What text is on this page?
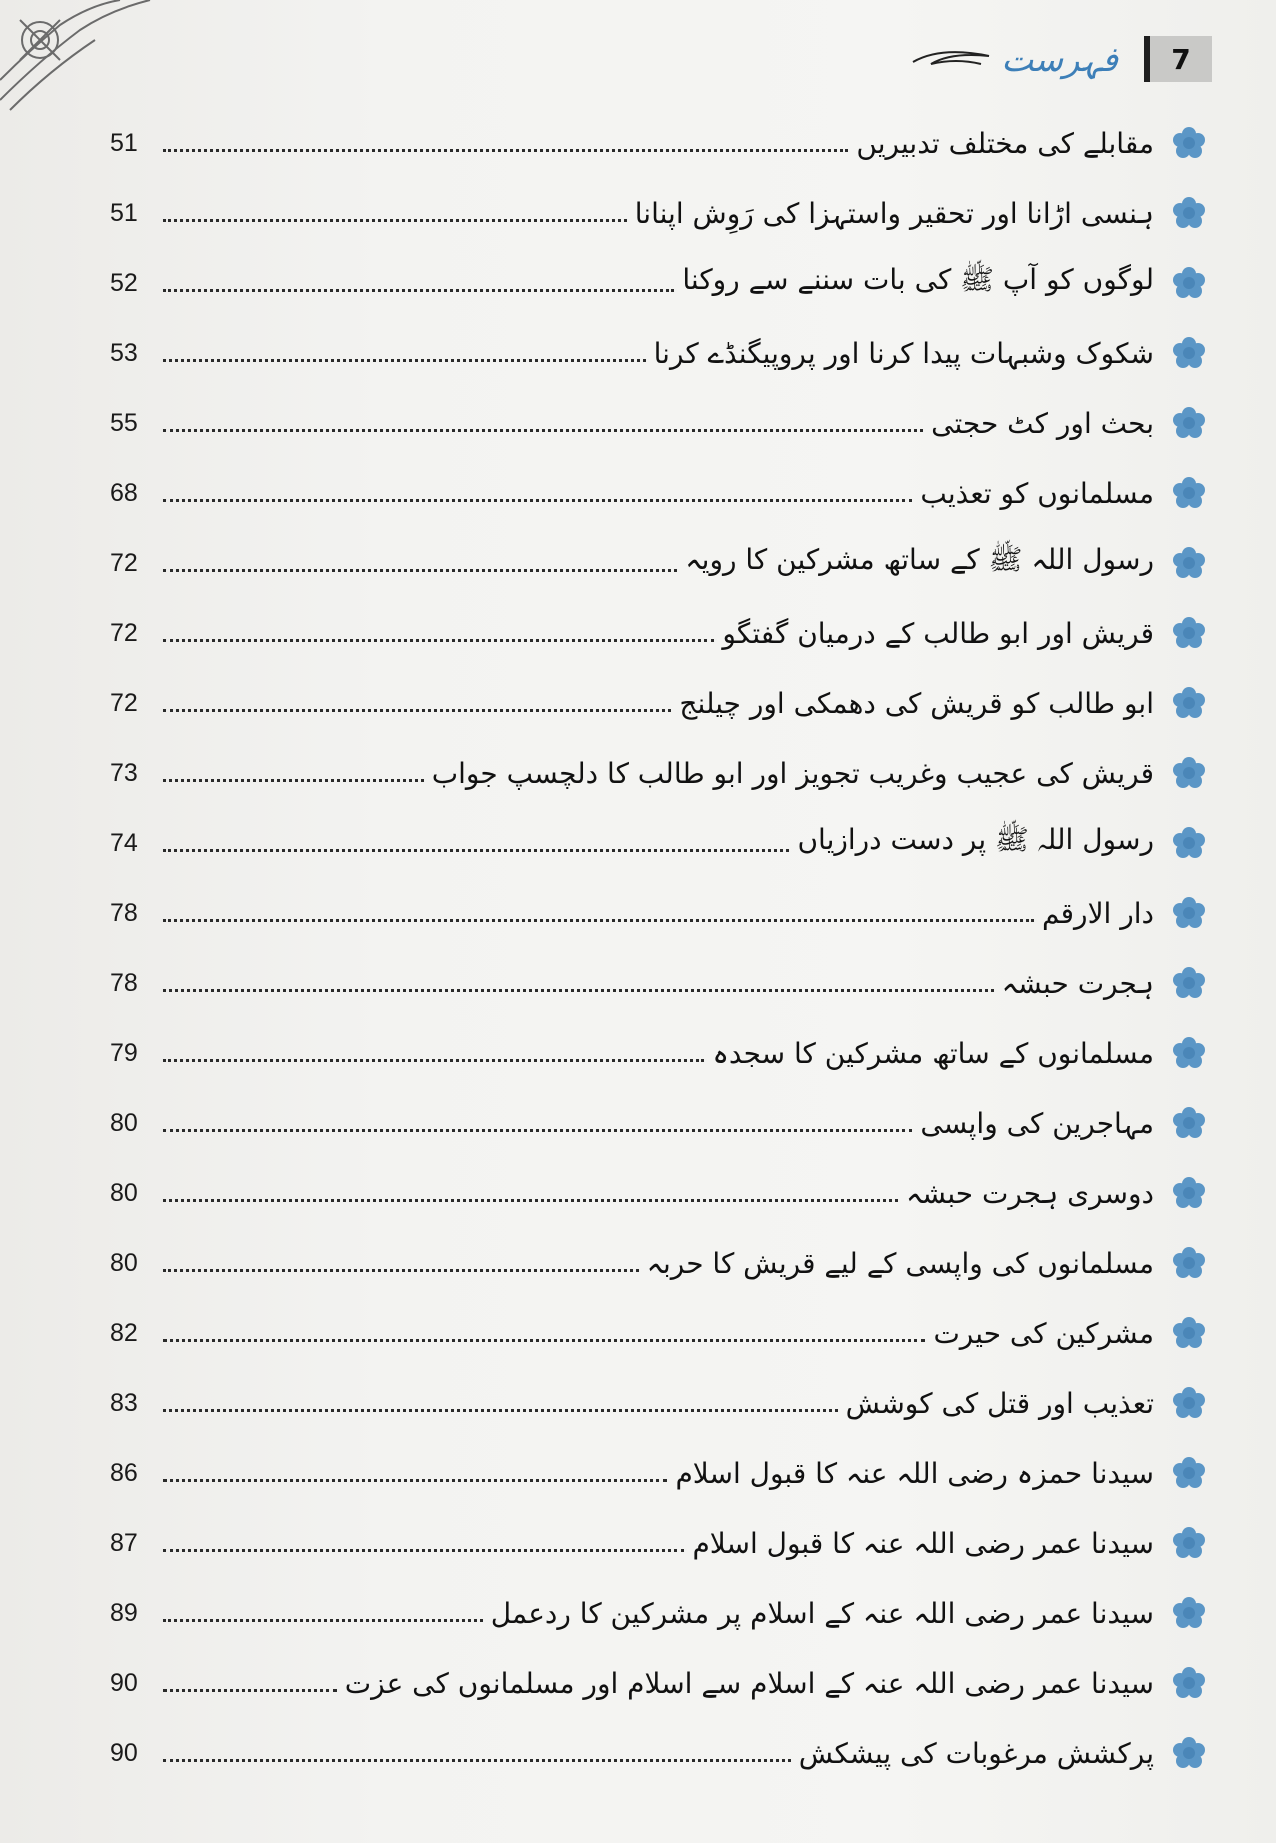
7
فہرست
51	مقابلے کی مختلف تدبیریں
51	ہنسی اڑانا اور تحقیر واستہزا کی رَوِش اپنانا
52	لوگوں کو آپ ﷺ کی بات سننے سے روکنا
53	شکوک وشبہات پیدا کرنا اور پروپیگنڈے کرنا
55	بحث اور کٹ حجتی
68	مسلمانوں کو تعذیب
72	رسول اللہ ﷺ کے ساتھ مشرکین کا رویہ
72	قریش اور ابو طالب کے درمیان گفتگو
72	ابو طالب کو قریش کی دھمکی اور چیلنج
73	قریش کی عجیب وغریب تجویز اور ابو طالب کا دلچسپ جواب
74	رسول اللہ ﷺ پر دست درازیاں
78	دار الارقم
78	ہجرت حبشہ
79	مسلمانوں کے ساتھ مشرکین کا سجدہ
80	مہاجرین کی واپسی
80	دوسری ہجرت حبشہ
80	مسلمانوں کی واپسی کے لیے قریش کا حربہ
82	مشرکین کی حیرت
83	تعذیب اور قتل کی کوشش
86	سیدنا حمزہ رضی اللہ عنہ کا قبول اسلام
87	سیدنا عمر رضی اللہ عنہ کا قبول اسلام
89	سیدنا عمر رضی اللہ عنہ کے اسلام پر مشرکین کا ردعمل
90	سیدنا عمر رضی اللہ عنہ کے اسلام سے اسلام اور مسلمانوں کی عزت
90	پرکشش مرغوبات کی پیشکش
